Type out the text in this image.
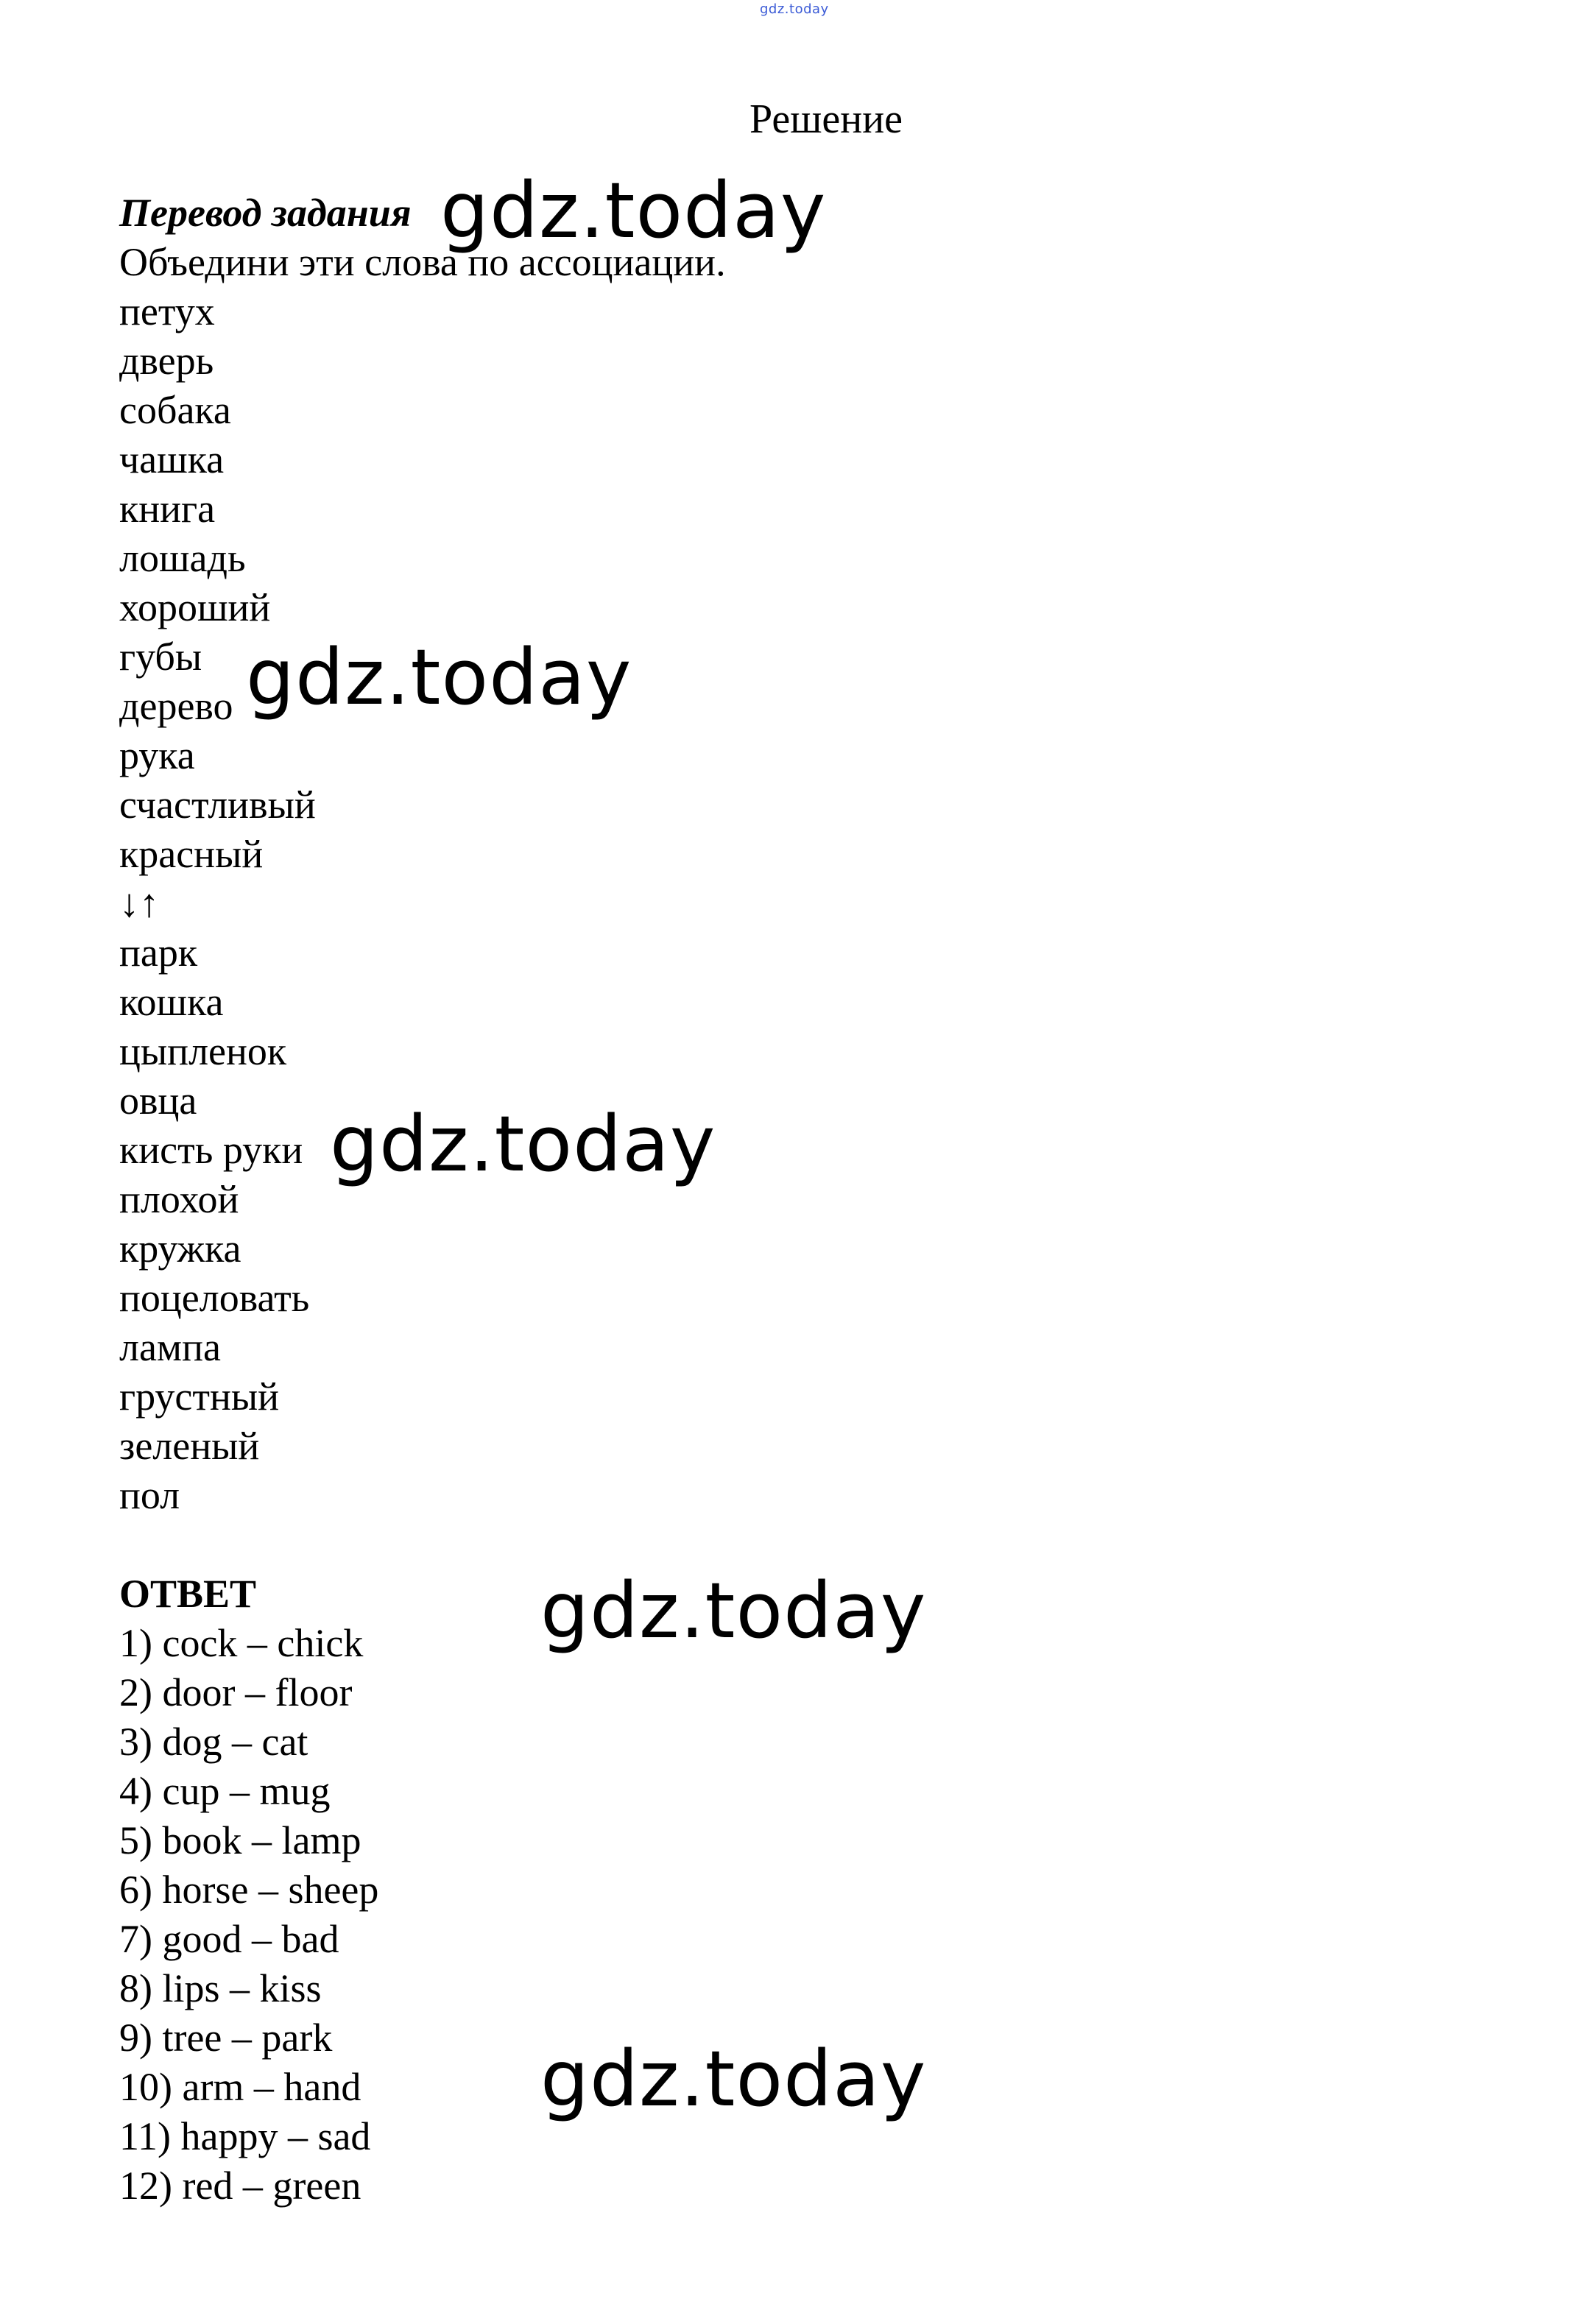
gdz.today
Решение
Перевод задания
Объедини эти слова по ассоциации.
петух
дверь
собака
чашка
книга
лошадь
хороший
губы
дерево
рука
счастливый
красный
↓↑
парк
кошка
цыпленок
овца
кисть руки
плохой
кружка
поцеловать
лампа
грустный
зеленый
пол
ОТВЕТ
1) cock – chick
2) door – floor
3) dog – cat
4) cup – mug
5) book – lamp
6) horse – sheep
7) good – bad
8) lips – kiss
9) tree – park
10) arm – hand
11) happy – sad
12) red – green
gdz.today
gdz.today
gdz.today
gdz.today
gdz.today
